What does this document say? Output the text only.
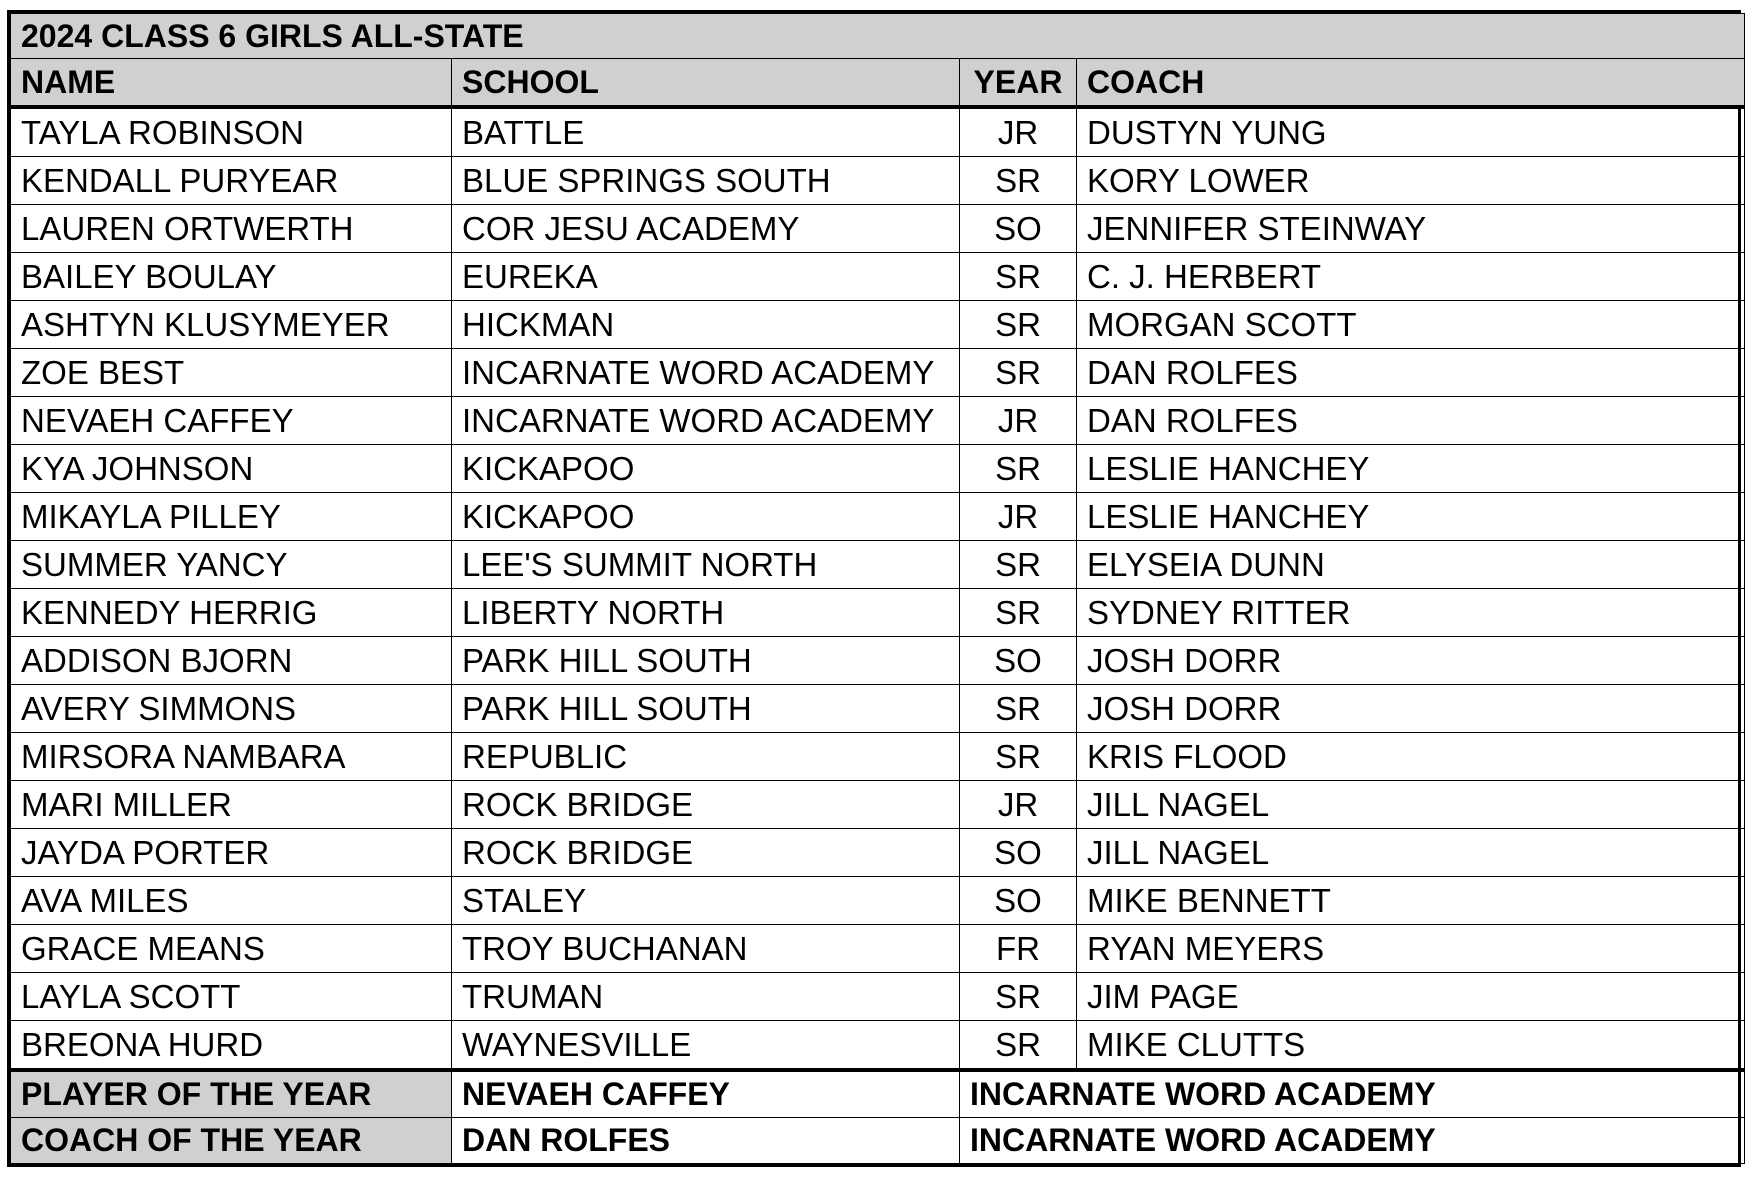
2024 CLASS 6 GIRLS ALL-STATE			
NAME	SCHOOL	YEAR	COACH
TAYLA ROBINSON	BATTLE	JR	DUSTYN YUNG
KENDALL PURYEAR	BLUE SPRINGS SOUTH	SR	KORY LOWER
LAUREN ORTWERTH	COR JESU ACADEMY	SO	JENNIFER STEINWAY
BAILEY BOULAY	EUREKA	SR	C. J. HERBERT
ASHTYN KLUSYMEYER	HICKMAN	SR	MORGAN SCOTT
ZOE BEST	INCARNATE WORD ACADEMY	SR	DAN ROLFES
NEVAEH CAFFEY	INCARNATE WORD ACADEMY	JR	DAN ROLFES
KYA JOHNSON	KICKAPOO	SR	LESLIE HANCHEY
MIKAYLA PILLEY	KICKAPOO	JR	LESLIE HANCHEY
SUMMER YANCY	LEE'S SUMMIT NORTH	SR	ELYSEIA DUNN
KENNEDY HERRIG	LIBERTY NORTH	SR	SYDNEY RITTER
ADDISON BJORN	PARK HILL SOUTH	SO	JOSH DORR
AVERY SIMMONS	PARK HILL SOUTH	SR	JOSH DORR
MIRSORA NAMBARA	REPUBLIC	SR	KRIS FLOOD
MARI MILLER	ROCK BRIDGE	JR	JILL NAGEL
JAYDA PORTER	ROCK BRIDGE	SO	JILL NAGEL
AVA MILES	STALEY	SO	MIKE BENNETT
GRACE MEANS	TROY BUCHANAN	FR	RYAN MEYERS
LAYLA SCOTT	TRUMAN	SR	JIM PAGE
BREONA HURD	WAYNESVILLE	SR	MIKE CLUTTS
PLAYER OF THE YEAR	NEVAEH CAFFEY	INCARNATE WORD ACADEMY	
COACH OF THE YEAR	DAN ROLFES	INCARNATE WORD ACADEMY	
